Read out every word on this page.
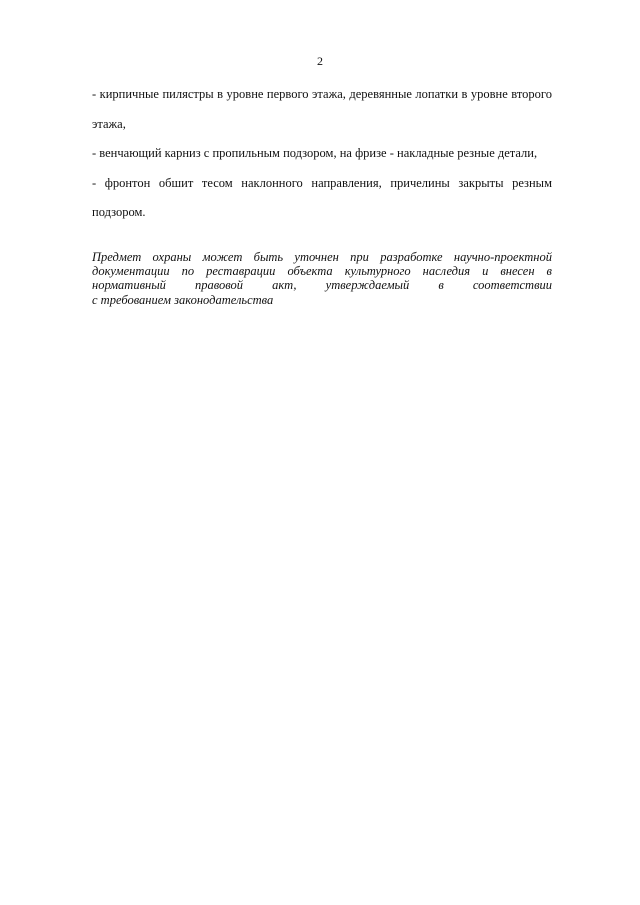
2

- кирпичные пилястры в уровне первого этажа, деревянные лопатки в уровне второго этажа,

- венчающий карниз с пропильным подзором, на фризе - накладные резные детали,

- фронтон обшит тесом наклонного направления, причелины закрыты резным подзором.

Предмет охраны может быть уточнен при разработке научно-проектной документации по реставрации объекта культурного наследия и внесен в нормативный правовой акт, утверждаемый в соответствии
с требованием законодательства
